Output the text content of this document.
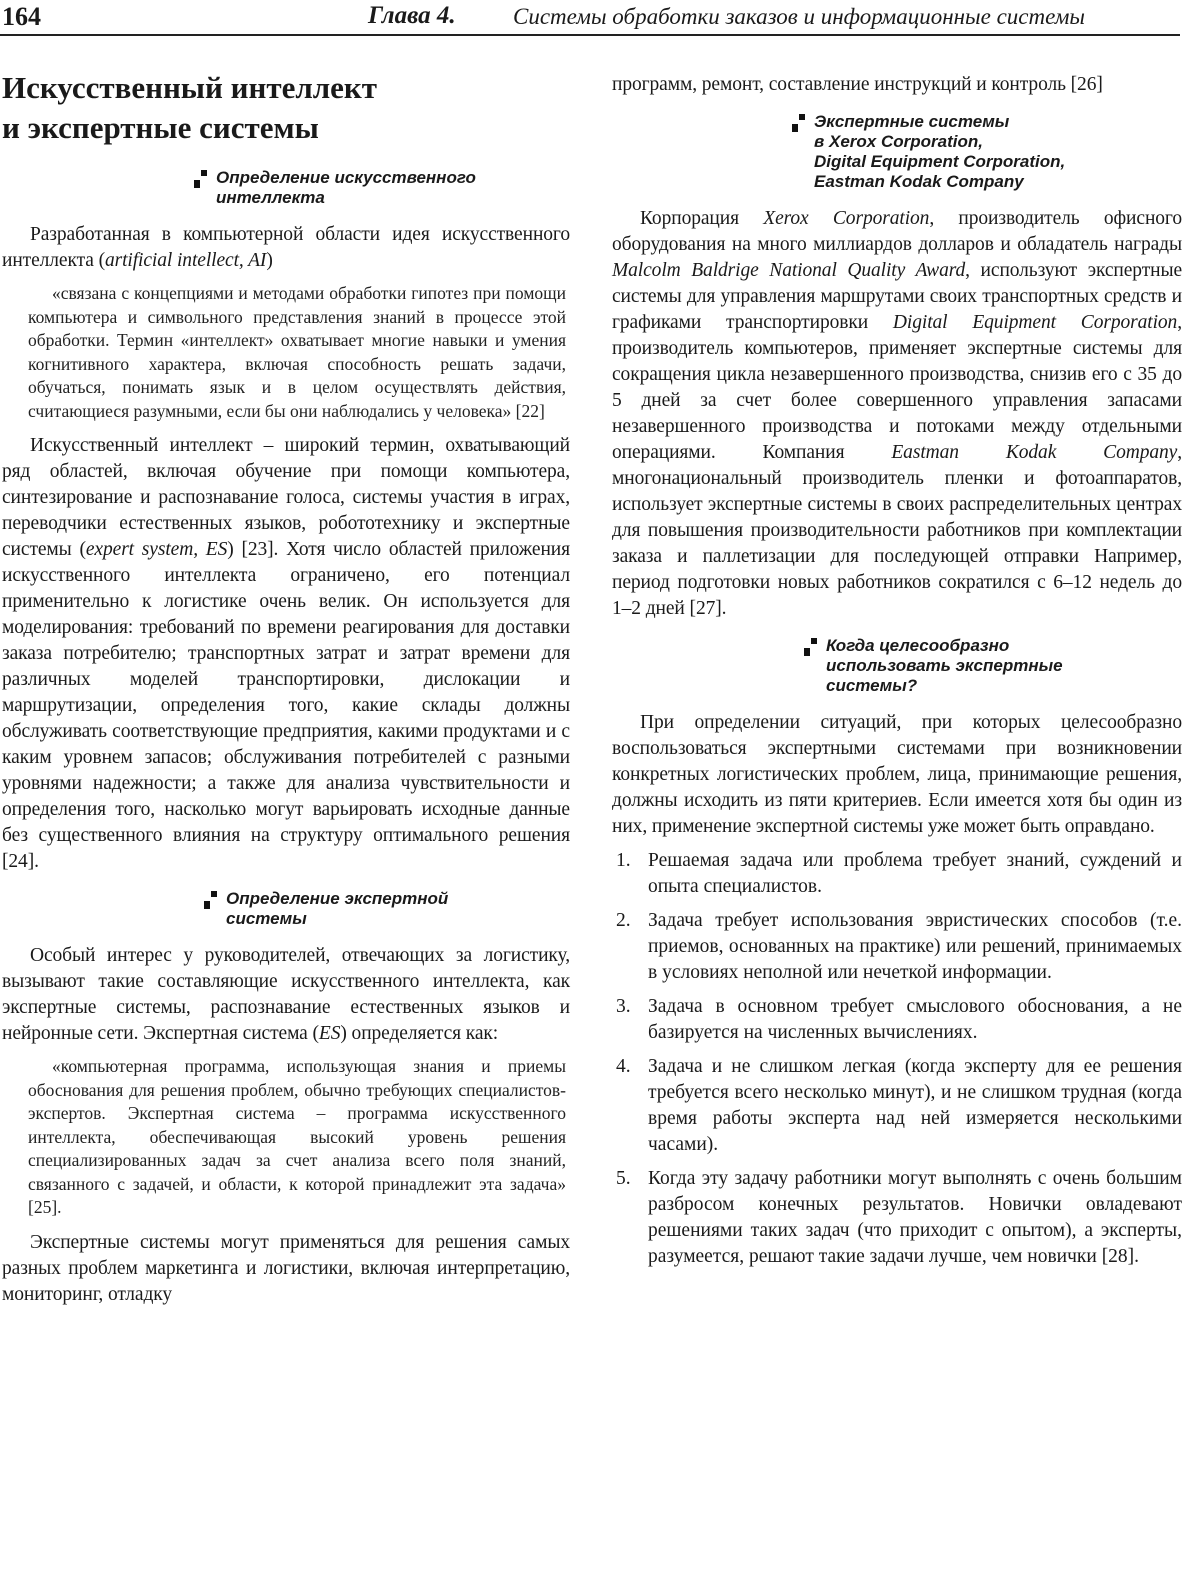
164	Глава 4. Системы обработки заказов и информационные системы
Искусственный интеллект
и экспертные системы
Определение искусственного
интеллекта

Разработанная в компьютерной области идея искусственного интеллекта (artificial intellect, AI)

«связана с концепциями и методами обработки гипотез при помощи компьютера и символьного представления знаний в процессе этой обработки. Термин «интеллект» охватывает многие навыки и умения когнитивного характера, включая способность решать задачи, обучаться, понимать язык и в целом осуществлять действия, считающиеся разумными, если бы они наблюдались у человека» [22]

Искусственный интеллект – широкий термин, охватывающий ряд областей, включая обучение при помощи компьютера, синтезирование и распознавание голоса, системы участия в играх, переводчики естественных языков, робототехнику и экспертные системы (expert system, ES) [23]. Хотя число областей приложения искусственного интеллекта ограничено, его потенциал применительно к логистике очень велик. Он используется для моделирования: требований по времени реагирования для доставки заказа потребителю; транспортных затрат и затрат времени для различных моделей транспортировки, дислокации и маршрутизации, определения того, какие склады должны обслуживать соответствующие предприятия, какими продуктами и с каким уровнем запасов; обслуживания потребителей с разными уровнями надежности; а также для анализа чувствительности и определения того, насколько могут варьировать исходные данные без существенного влияния на структуру оптимального решения [24].

Определение экспертной
системы

Особый интерес у руководителей, отвечающих за логистику, вызывают такие составляющие искусственного интеллекта, как экспертные системы, распознавание естественных языков и нейронные сети. Экспертная система (ES) определяется как:

«компьютерная программа, использующая знания и приемы обоснования для решения проблем, обычно требующих специалистов-экспертов. Экспертная система – программа искусственного интеллекта, обеспечивающая высокий уровень решения специализированных задач за счет анализа всего поля знаний, связанного с задачей, и области, к которой принадлежит эта задача» [25].

Экспертные системы могут применяться для решения самых разных проблем маркетинга и логистики, включая интерпретацию, мониторинг, отладку

программ, ремонт, составление инструкций и контроль [26]

Экспертные системы
в Xerox Corporation,
Digital Equipment Corporation,
Eastman Kodak Company

Корпорация Xerox Corporation, производитель офисного оборудования на много миллиардов долларов и обладатель награды Malcolm Baldrige National Quality Award, используют экспертные системы для управления маршрутами своих транспортных средств и графиками транспортировки Digital Equipment Corporation, производитель компьютеров, применяет экспертные системы для сокращения цикла незавершенного производства, снизив его с 35 до 5 дней за счет более совершенного управления запасами незавершенного производства и потоками между отдельными операциями. Компания Eastman Kodak Company, многонациональный производитель пленки и фотоаппаратов, использует экспертные системы в своих распределительных центрах для повышения производительности работников при комплектации заказа и паллетизации для последующей отправки Например, период подготовки новых работников сократился с 6–12 недель до 1–2 дней [27].

Когда целесообразно
использовать экспертные
системы?

При определении ситуаций, при которых целесообразно воспользоваться экспертными системами при возникновении конкретных логистических проблем, лица, принимающие решения, должны исходить из пяти критериев. Если имеется хотя бы один из них, применение экспертной системы уже может быть оправдано.

1. Решаемая задача или проблема требует знаний, суждений и опыта специалистов.
2. Задача требует использования эвристических способов (т.е. приемов, основанных на практике) или решений, принимаемых в условиях неполной или нечеткой информации.
3. Задача в основном требует смыслового обоснования, а не базируется на численных вычислениях.
4. Задача и не слишком легкая (когда эксперту для ее решения требуется всего несколько минут), и не слишком трудная (когда время работы эксперта над ней измеряется несколькими часами).
5. Когда эту задачу работники могут выполнять с очень большим разбросом конечных результатов. Новички овладевают решениями таких задач (что приходит с опытом), а эксперты, разумеется, решают такие задачи лучше, чем новички [28].
